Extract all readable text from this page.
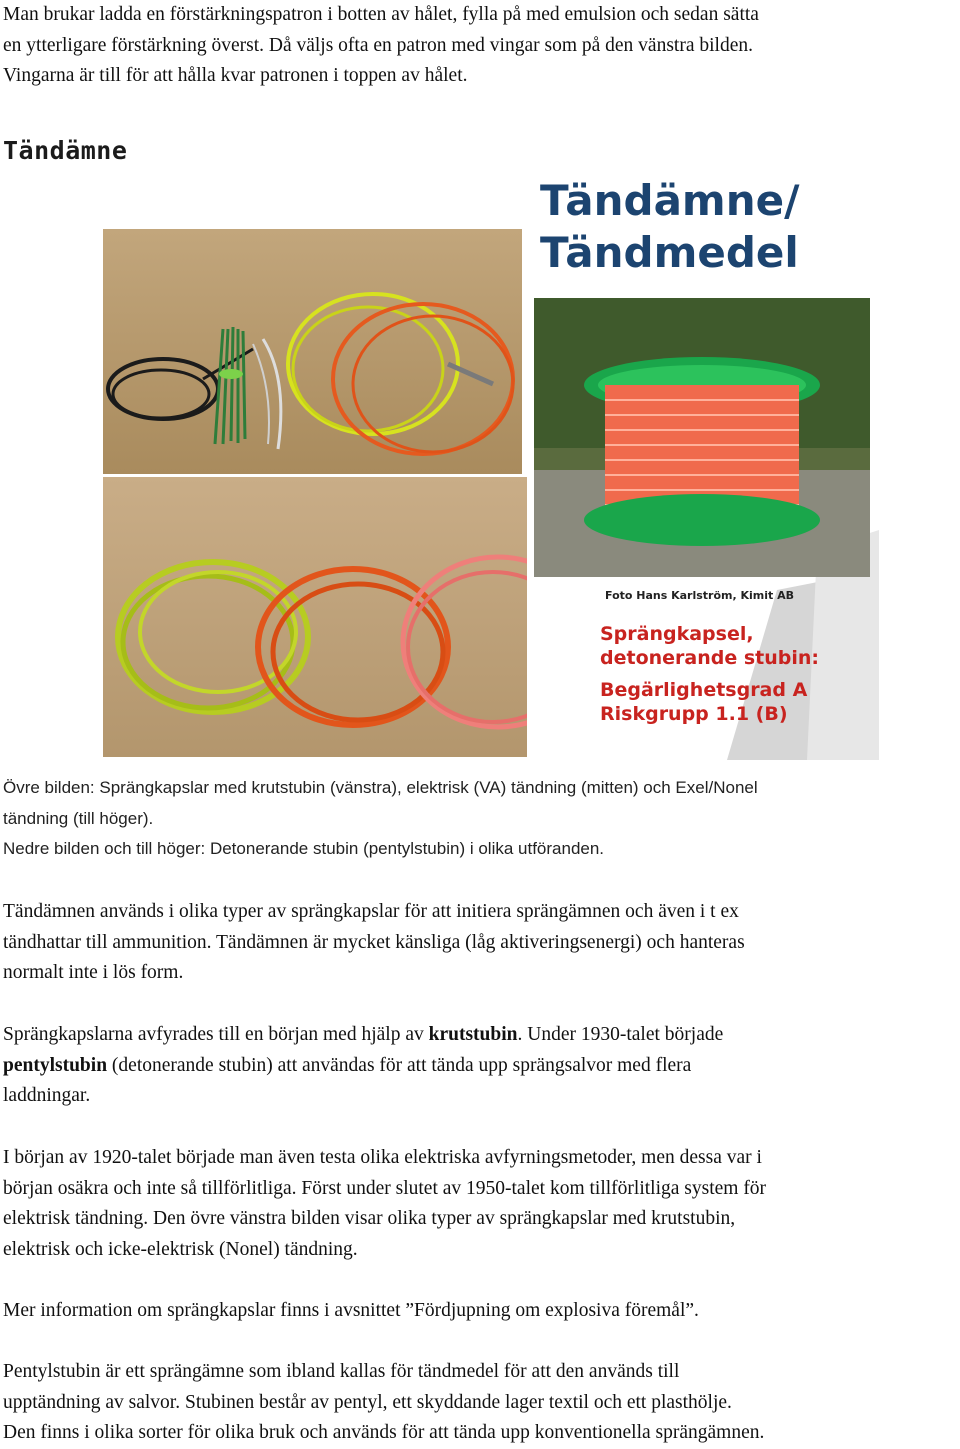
Man brukar ladda en förstärkningspatron i botten av hålet, fylla på med emulsion och sedan sätta
en ytterligare förstärkning överst. Då väljs ofta en patron med vingar som på den vänstra bilden.
Vingarna är till för att hålla kvar patronen i toppen av hålet.
Tändämne
Tändämne/
Tändmedel
Foto Hans Karlström, Kimit AB
Sprängkapsel,
detonerande stubin:
Begärlighetsgrad A
Riskgrupp 1.1 (B)
Övre bilden: Sprängkapslar med krutstubin (vänstra), elektrisk (VA) tändning (mitten) och Exel/Nonel
tändning (till höger).
Nedre bilden och till höger: Detonerande stubin (pentylstubin) i olika utföranden.
Tändämnen används i olika typer av sprängkapslar för att initiera sprängämnen och även i t ex
tändhattar till ammunition. Tändämnen är mycket känsliga (låg aktiveringsenergi) och hanteras
normalt inte i lös form.
Sprängkapslarna avfyrades till en början med hjälp av krutstubin. Under 1930-talet började
pentylstubin (detonerande stubin) att användas för att tända upp sprängsalvor med flera
laddningar.
I början av 1920-talet började man även testa olika elektriska avfyrningsmetoder, men dessa var i
början osäkra och inte så tillförlitliga. Först under slutet av 1950-talet kom tillförlitliga system för
elektrisk tändning. Den övre vänstra bilden visar olika typer av sprängkapslar med krutstubin,
elektrisk och icke-elektrisk (Nonel) tändning.
Mer information om sprängkapslar finns i avsnittet ”Fördjupning om explosiva föremål”.
Pentylstubin är ett sprängämne som ibland kallas för tändmedel för att den används till
upptändning av salvor. Stubinen består av pentyl, ett skyddande lager textil och ett plasthölje.
Den finns i olika sorter för olika bruk och används för att tända upp konventionella sprängämnen.
